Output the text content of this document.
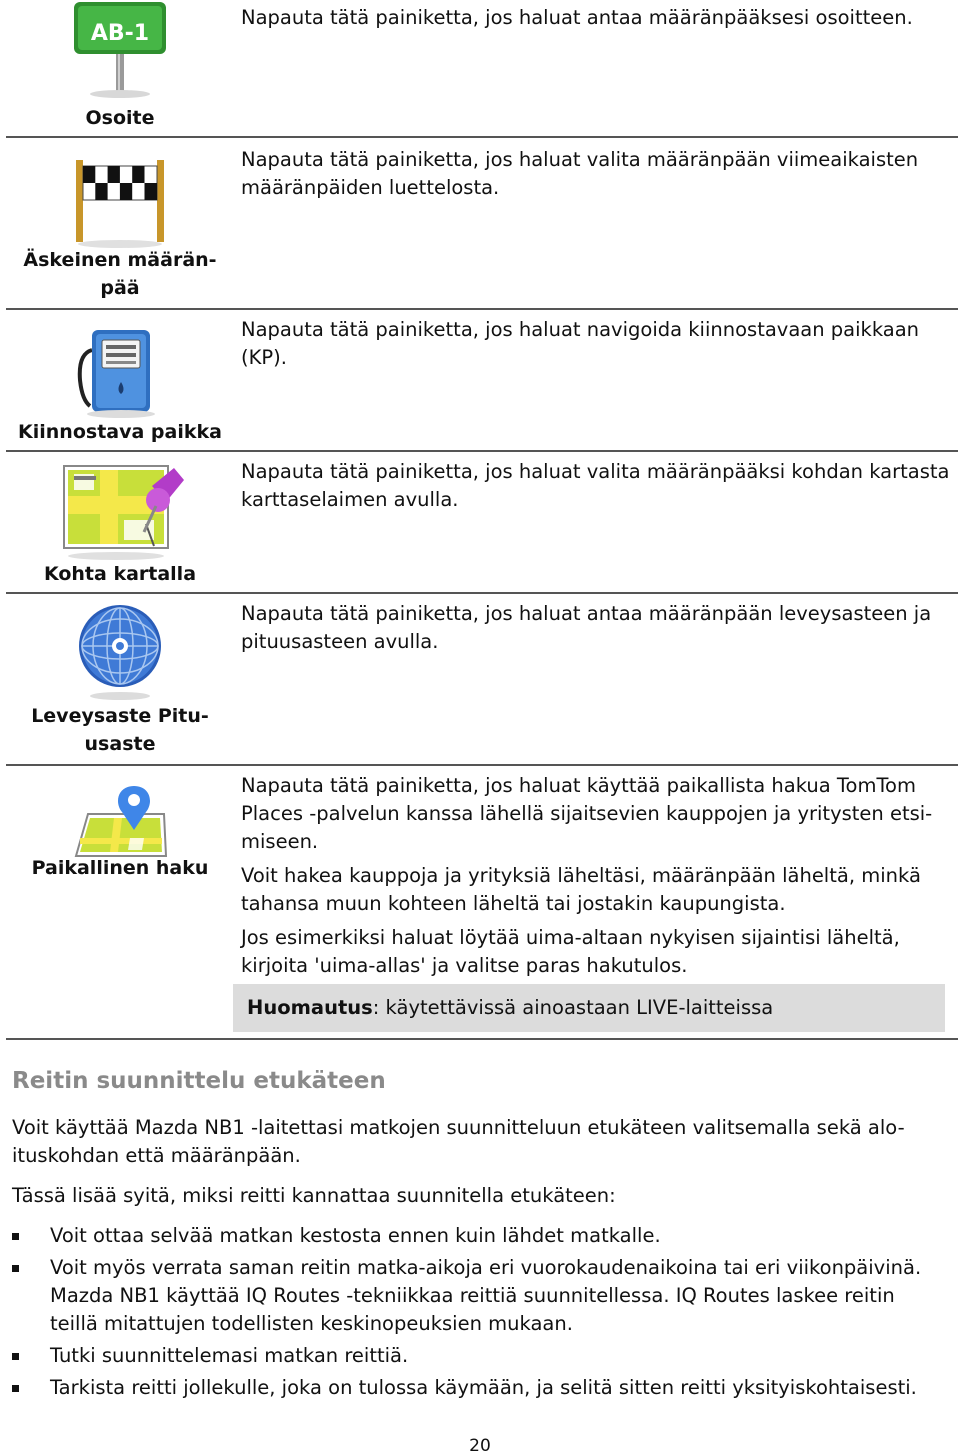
AB-1
Osoite

Napauta tätä painiketta, jos haluat antaa määränpääksesi osoitteen.

Äskeinen määrän-
pää

Napauta tätä painiketta, jos haluat valita määränpään viimeaikaisten määränpäiden luettelosta.

Kiinnostava paikka

Napauta tätä painiketta, jos haluat navigoida kiinnostavaan paikkaan (KP).

Kohta kartalla

Napauta tätä painiketta, jos haluat valita määränpääksi kohdan kartasta karttaselaimen avulla.

Leveysaste Pitu-
usaste

Napauta tätä painiketta, jos haluat antaa määränpään leveysasteen ja pituusasteen avulla.

Paikallinen haku

Napauta tätä painiketta, jos haluat käyttää paikallista hakua TomTom Places -palvelun kanssa lähellä sijaitsevien kauppojen ja yritysten etsi-miseen.

Voit hakea kauppoja ja yrityksiä läheltäsi, määränpään läheltä, minkä tahansa muun kohteen läheltä tai jostakin kaupungista.

Jos esimerkiksi haluat löytää uima-altaan nykyisen sijaintisi läheltä, kirjoita 'uima-allas' ja valitse paras hakutulos.

Huomautus: käytettävissä ainoastaan LIVE-laitteissa
Reitin suunnittelu etukäteen

Voit käyttää Mazda NB1 -laitettasi matkojen suunnitteluun etukäteen valitsemalla sekä alo-ituskohdan että määränpään.

Tässä lisää syitä, miksi reitti kannattaa suunnitella etukäteen:

Voit ottaa selvää matkan kestosta ennen kuin lähdet matkalle.
Voit myös verrata saman reitin matka-aikoja eri vuorokaudenaikoina tai eri viikonpäivinä. Mazda NB1 käyttää IQ Routes -tekniikkaa reittiä suunnitellessa. IQ Routes laskee reitin teillä mitattujen todellisten keskinopeuksien mukaan.
Tutki suunnittelemasi matkan reittiä.
Tarkista reitti jollekulle, joka on tulossa käymään, ja selitä sitten reitti yksityiskohtaisesti.
20
